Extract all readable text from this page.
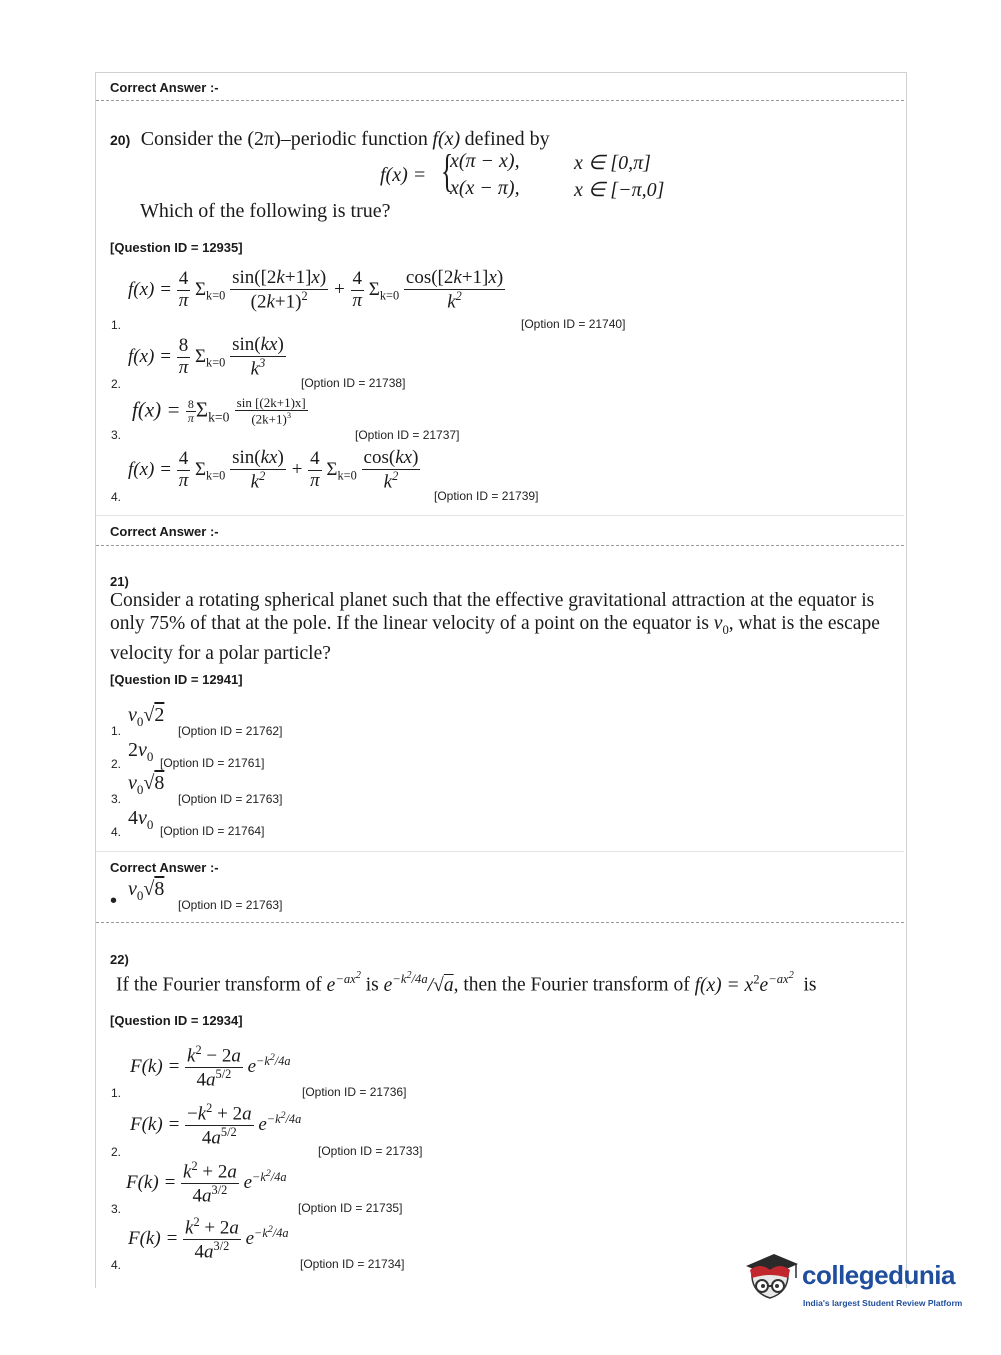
Correct Answer :-
20) Consider the (2π)–periodic function f(x) defined by
f(x) = {
x(π − x),	x ∈ [0,π]
x(x − π),	x ∈ [−π,0]
Which of the following is true?
[Question ID = 12935]
$f(x) = \frac{4}{\pi} \Sigma_{k=0} \frac{\sin([2k+1]x)}{(2k+1)^2} + \frac{4}{\pi} \Sigma_{k=0} \frac{\cos([2k+1]x)}{k^2}$
1.	[Option ID = 21740]
$f(x) = \frac{8}{\pi} \Sigma_{k=0} \frac{\sin(kx)}{k^3}$
2.	[Option ID = 21738]
$f(x) = \frac{8}{\pi} \Sigma_{k=0} \frac{\sin [(2k+1)x]}{(2k+1)^3}$
3.	[Option ID = 21737]
$f(x) = \frac{4}{\pi} \Sigma_{k=0} \frac{\sin(kx)}{k^2} + \frac{4}{\pi} \Sigma_{k=0} \frac{\cos(kx)}{k^2}$
4.	[Option ID = 21739]
Correct Answer :-
21)
Consider a rotating spherical planet such that the effective gravitational attraction at the equator is
only 75% of that at the pole. If the linear velocity of a point on the equator is $v_0$, what is the escape
velocity for a polar particle?
[Question ID = 12941]
1.
$v_0√2$
[Option ID = 21762]
2.
$2v_0$ [Option ID = 21761]
3.
$v_0√8$
[Option ID = 21763]
4.
$4v_0$ [Option ID = 21764]
Correct Answer :-
•
$v_0√8$
[Option ID = 21763]
22)
If the Fourier transform of $e^{-ax^2}$ is $e^{-k^2/4a}/√a$, then the Fourier transform of $f(x) = x^2e^{-ax^2}$ is
[Question ID = 12934]
$F(k) = \frac{k^2 - 2a}{4a^{5/2}} e^{-k^2/4a}$
1.	[Option ID = 21736]
$F(k) = \frac{-k^2 + 2a}{4a^{5/2}} e^{-k^2/4a}$
2.	[Option ID = 21733]
$F(k) = \frac{k^2 + 2a}{4a^{3/2}} e^{-k^2/4a}$
3.	[Option ID = 21735]
$F(k) = \frac{k^2 + 2a}{4a^{3/2}} e^{-k^2/4a}$
4.	[Option ID = 21734]	collegedunia
India's largest Student Review Platform
